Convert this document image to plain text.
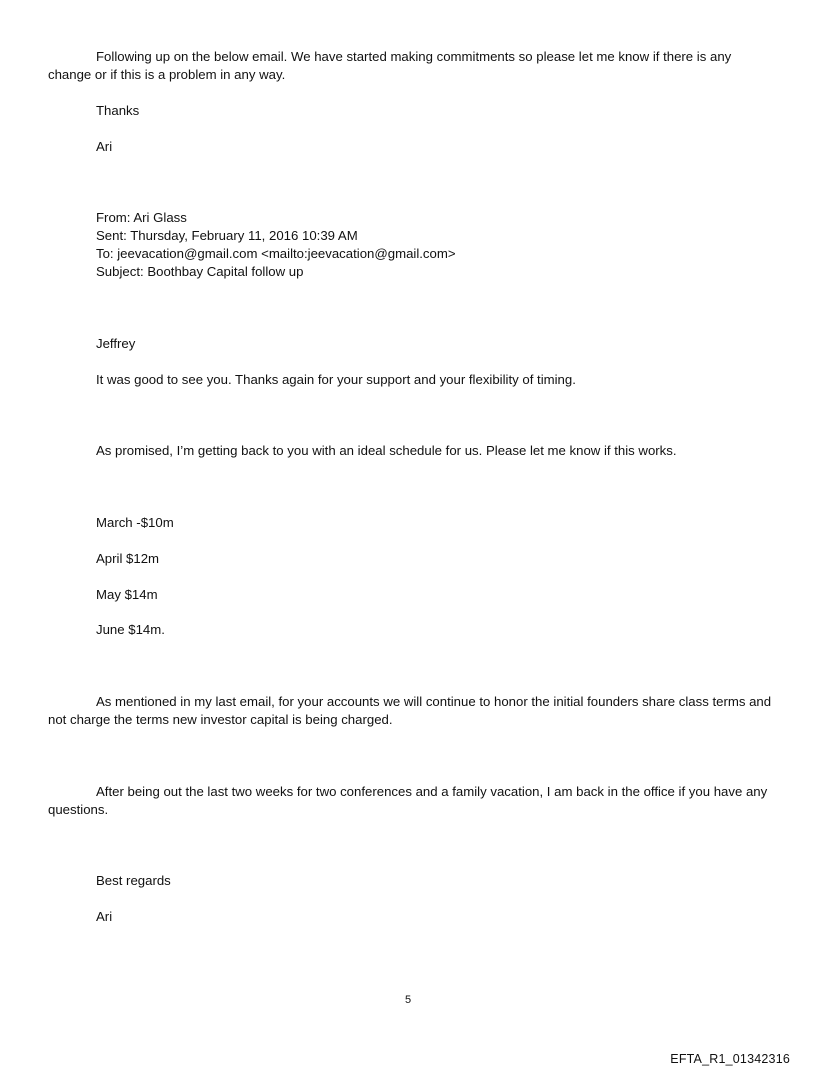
Following up on the below email. We have started making commitments so please let me know if there is any change or if this is a problem in any way.
Thanks
Ari
From: Ari Glass
Sent: Thursday, February 11, 2016 10:39 AM
To: jeevacation@gmail.com <mailto:jeevacation@gmail.com>
Subject: Boothbay Capital follow up
Jeffrey
It was good to see you. Thanks again for your support and your flexibility of timing.
As promised, I’m getting back to you with an ideal schedule for us. Please let me know if this works.
March -$10m
April $12m
May $14m
June $14m.
As mentioned in my last email, for your accounts we will continue to honor the initial founders share class terms and not charge the terms new investor capital is being charged.
After being out the last two weeks for two conferences and a family vacation, I am back in the office if you have any questions.
Best regards
Ari
5
EFTA_R1_01342316
